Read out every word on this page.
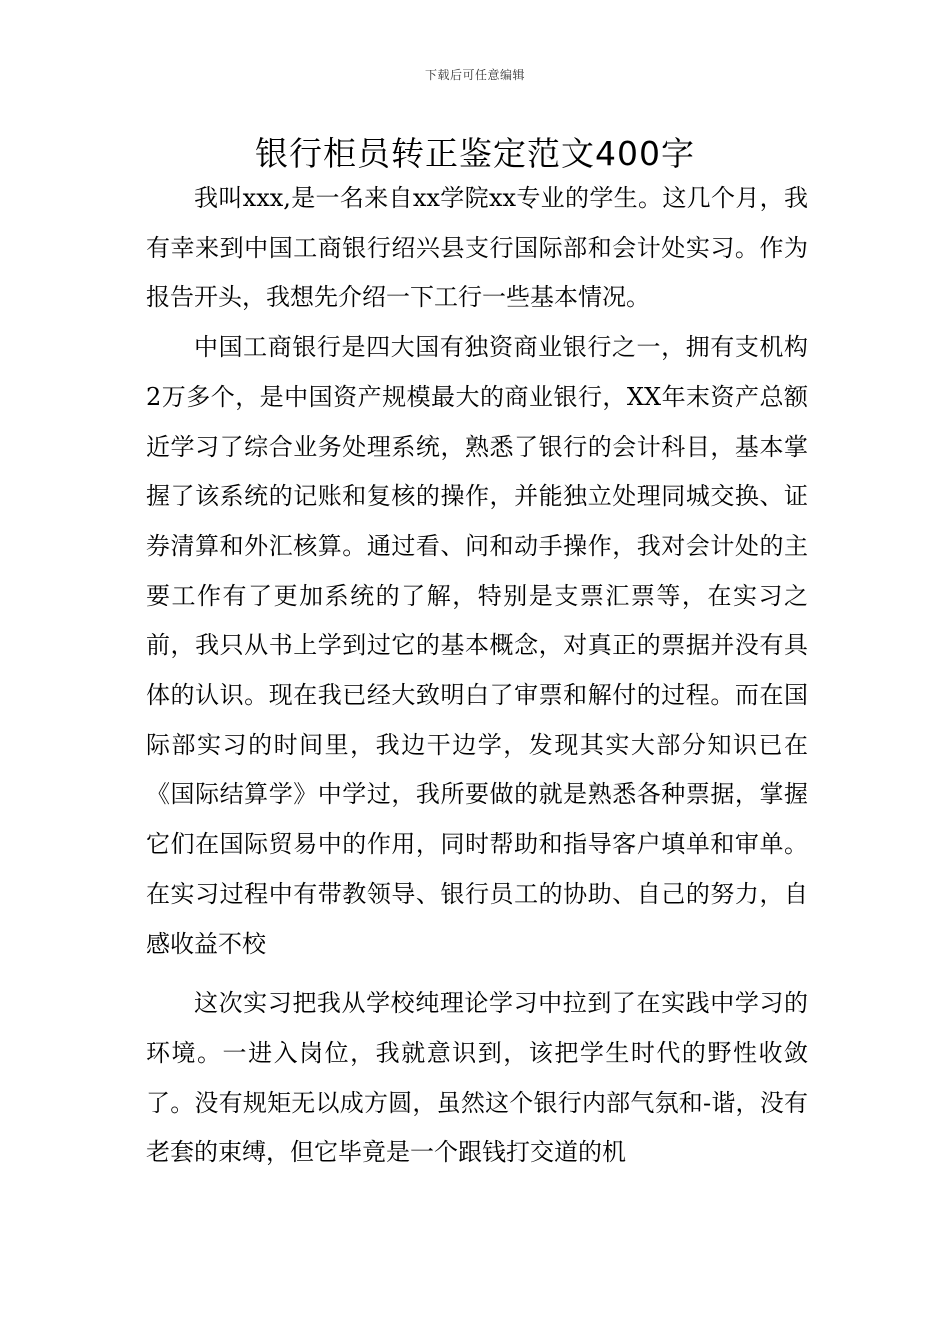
下载后可任意编辑
银行柜员转正鉴定范文400字

我叫xxx,是一名来自xx学院xx专业的学生。这几个月，我有幸来到中国工商银行绍兴县支行国际部和会计处实习。作为报告开头，我想先介绍一下工行一些基本情况。

中国工商银行是四大国有独资商业银行之一，拥有支机构2万多个，是中国资产规模最大的商业银行，XX年末资产总额近学习了综合业务处理系统，熟悉了银行的会计科目，基本掌握了该系统的记账和复核的操作，并能独立处理同城交换、证券清算和外汇核算。通过看、问和动手操作，我对会计处的主要工作有了更加系统的了解，特别是支票汇票等，在实习之前，我只从书上学到过它的基本概念，对真正的票据并没有具体的认识。现在我已经大致明白了审票和解付的过程。而在国际部实习的时间里，我边干边学，发现其实大部分知识已在《国际结算学》中学过，我所要做的就是熟悉各种票据，掌握它们在国际贸易中的作用，同时帮助和指导客户填单和审单。在实习过程中有带教领导、银行员工的协助、自己的努力，自感收益不校

这次实习把我从学校纯理论学习中拉到了在实践中学习的环境。一进入岗位，我就意识到，该把学生时代的野性收敛了。没有规矩无以成方圆，虽然这个银行内部气氛和-谐，没有老套的束缚，但它毕竟是一个跟钱打交道的机
